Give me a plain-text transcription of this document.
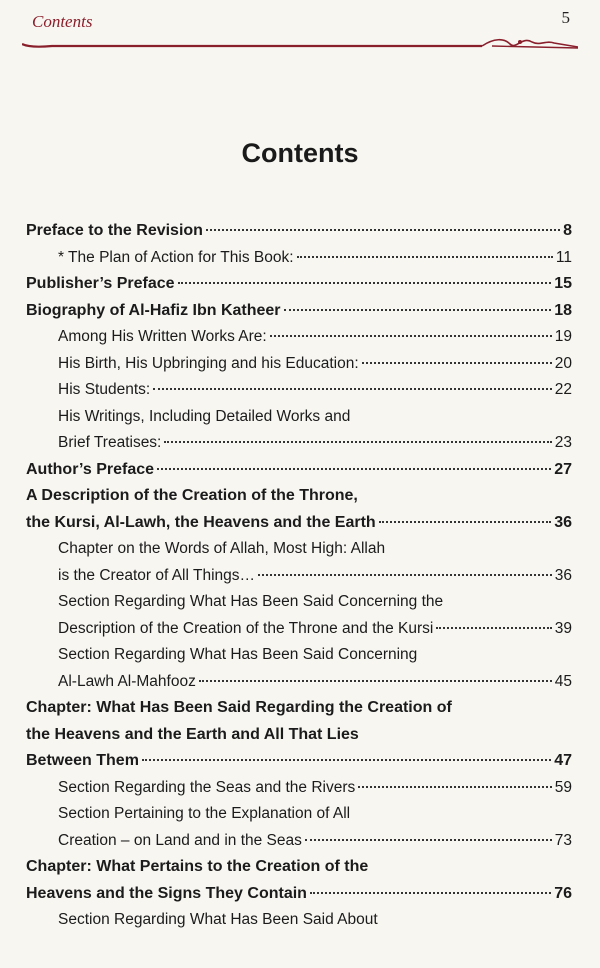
Contents	5
Contents
Preface to the Revision	8
* The Plan of Action for This Book:	11
Publisher’s Preface	15
Biography of Al-Hafiz Ibn Katheer	18
Among His Written Works Are:	19
His Birth, His Upbringing and his Education:	20
His Students:	22
His Writings, Including Detailed Works and
Brief Treatises:	23
Author’s Preface	27
A Description of the Creation of the Throne,
the Kursi, Al-Lawh, the Heavens and the Earth	36
Chapter on the Words of Allah, Most High: Allah
is the Creator of All Things…	36
Section Regarding What Has Been Said Concerning the
Description of the Creation of the Throne and the Kursi	39
Section Regarding What Has Been Said Concerning
Al-Lawh Al-Mahfooz	45
Chapter: What Has Been Said Regarding the Creation of
the Heavens and the Earth and All That Lies
Between Them	47
Section Regarding the Seas and the Rivers	59
Section Pertaining to the Explanation of All
Creation – on Land and in the Seas	73
Chapter: What Pertains to the Creation of the
Heavens and the Signs They Contain	76
Section Regarding What Has Been Said About
